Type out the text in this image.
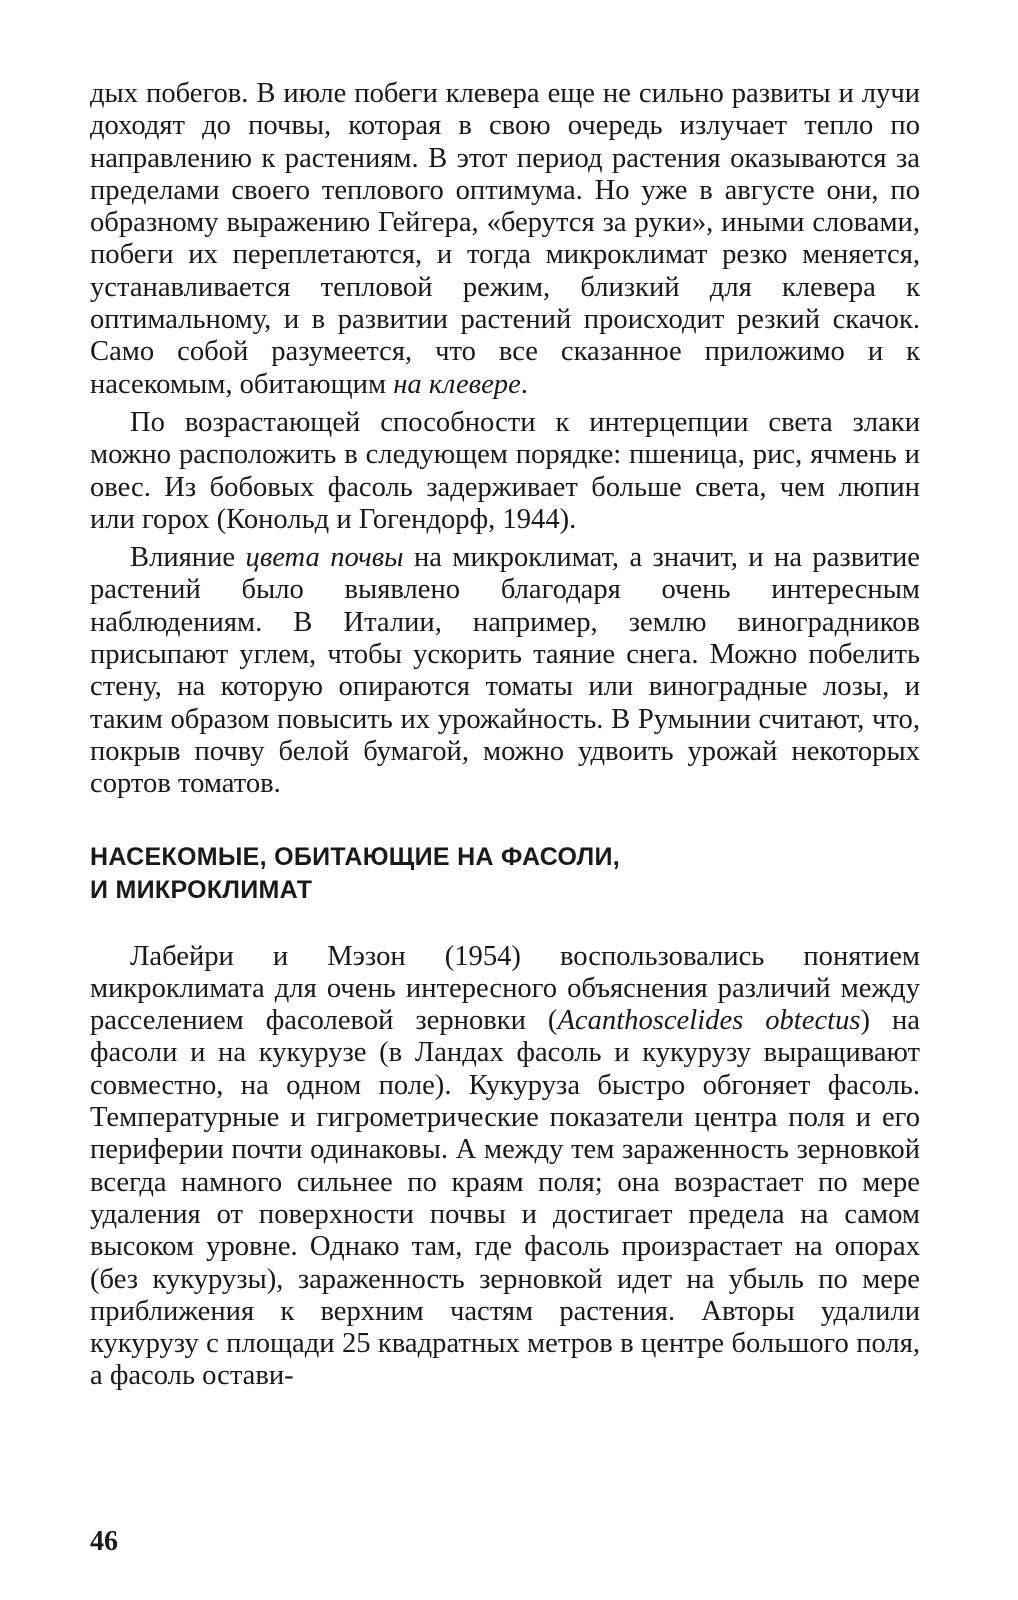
дых побегов. В июле побеги клевера еще не сильно развиты и лучи доходят до почвы, которая в свою очередь излучает тепло по направлению к растениям. В этот период растения оказываются за пределами своего теплового оптимума. Но уже в августе они, по образному выражению Гейгера, «берутся за руки», иными словами, побеги их переплетаются, и тогда микроклимат резко меняется, устанавливается тепловой режим, близкий для клевера к оптимальному, и в развитии растений происходит резкий скачок. Само собой разумеется, что все сказанное приложимо и к насекомым, обитающим на клевере.

По возрастающей способности к интерцепции света злаки можно расположить в следующем порядке: пшеница, рис, ячмень и овес. Из бобовых фасоль задерживает больше света, чем люпин или горох (Конольд и Гогендорф, 1944).

Влияние цвета почвы на микроклимат, а значит, и на развитие растений было выявлено благодаря очень интересным наблюдениям. В Италии, например, землю виноградников присыпают углем, чтобы ускорить таяние снега. Можно побелить стену, на которую опираются томаты или виноградные лозы, и таким образом повысить их урожайность. В Румынии считают, что, покрыв почву белой бумагой, можно удвоить урожай некоторых сортов томатов.

НАСЕКОМЫЕ, ОБИТАЮЩИЕ НА ФАСОЛИ,
И МИКРОКЛИМАТ

Лабейри и Мэзон (1954) воспользовались понятием микроклимата для очень интересного объяснения различий между расселением фасолевой зерновки (Acanthoscelides obtectus) на фасоли и на кукурузе (в Ландах фасоль и кукурузу выращивают совместно, на одном поле). Кукуруза быстро обгоняет фасоль. Температурные и гигрометрические показатели центра поля и его периферии почти одинаковы. А между тем зараженность зерновкой всегда намного сильнее по краям поля; она возрастает по мере удаления от поверхности почвы и достигает предела на самом высоком уровне. Однако там, где фасоль произрастает на опорах (без кукурузы), зараженность зерновкой идет на убыль по мере приближения к верхним частям растения. Авторы удалили кукурузу с площади 25 квадратных метров в центре большого поля, а фасоль остави-

46
